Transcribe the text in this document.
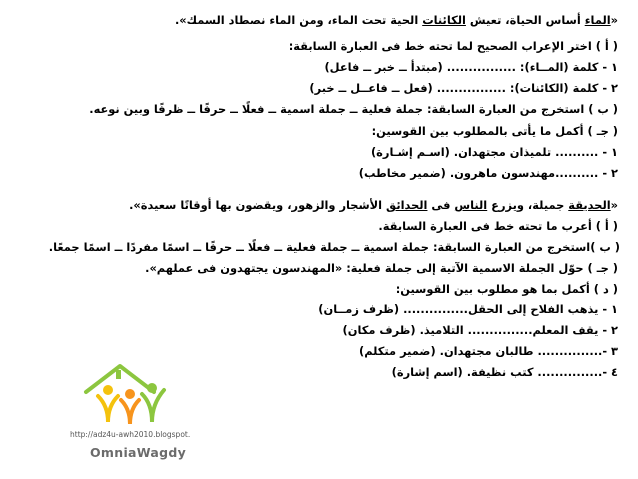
«الماء أساس الحياة، تعيش الكائنات الحية تحت الماء، ومن الماء نصطاد السمك».
( أ ) اختر الإعراب الصحيح لما تحته خط فى العبارة السابقة:
١ - كلمة (المــاء): ................ (مبتدأ ــ خبر ــ فاعل)
٢ - كلمة (الكائنات): ................ (فعل ــ فاعــل ــ خبر)
( ب ) استخرج من العبارة السابقة: جملة فعلية ــ جملة اسمية ــ فعلًا ــ حرفًا ــ ظرفًا وبين نوعه.
( جـ ) أكمل ما يأتى بالمطلوب بين القوسين:
١ - .......... تلميذان مجتهدان. (اسـم إشـارة)
٢ - ..........مهندسون ماهرون. (ضمير مخاطب)
«الحديقة جميلة، ويزرع الناس فى الحدائق الأشجار والزهور، ويقضون بها أوقاتًا سعيدة».
( أ ) أعرب ما تحته خط فى العبارة السابقة.
( ب )استخرج من العبارة السابقة: جملة اسمية ــ جملة فعلية ــ فعلًا ــ حرفًا ــ اسمًا مفردًا ــ اسمًا جمعًا.
( جـ ) حوّل الجملة الاسمية الآتية إلى جملة فعلية: «المهندسون يجتهدون فى عملهم».
( د ) أكمل بما هو مطلوب بين القوسين:
١ - يذهب الفلاح إلى الحقل............... (ظرف زمــان)
٢ - يقف المعلم............... التلاميذ. (ظرف مكان)
٣ -............... طالبان مجتهدان. (ضمير متكلم)
٤ -............... كتب نظيفة. (اسم إشارة)
http://adz4u-awh2010.blogspot.
OmniaWagdy
